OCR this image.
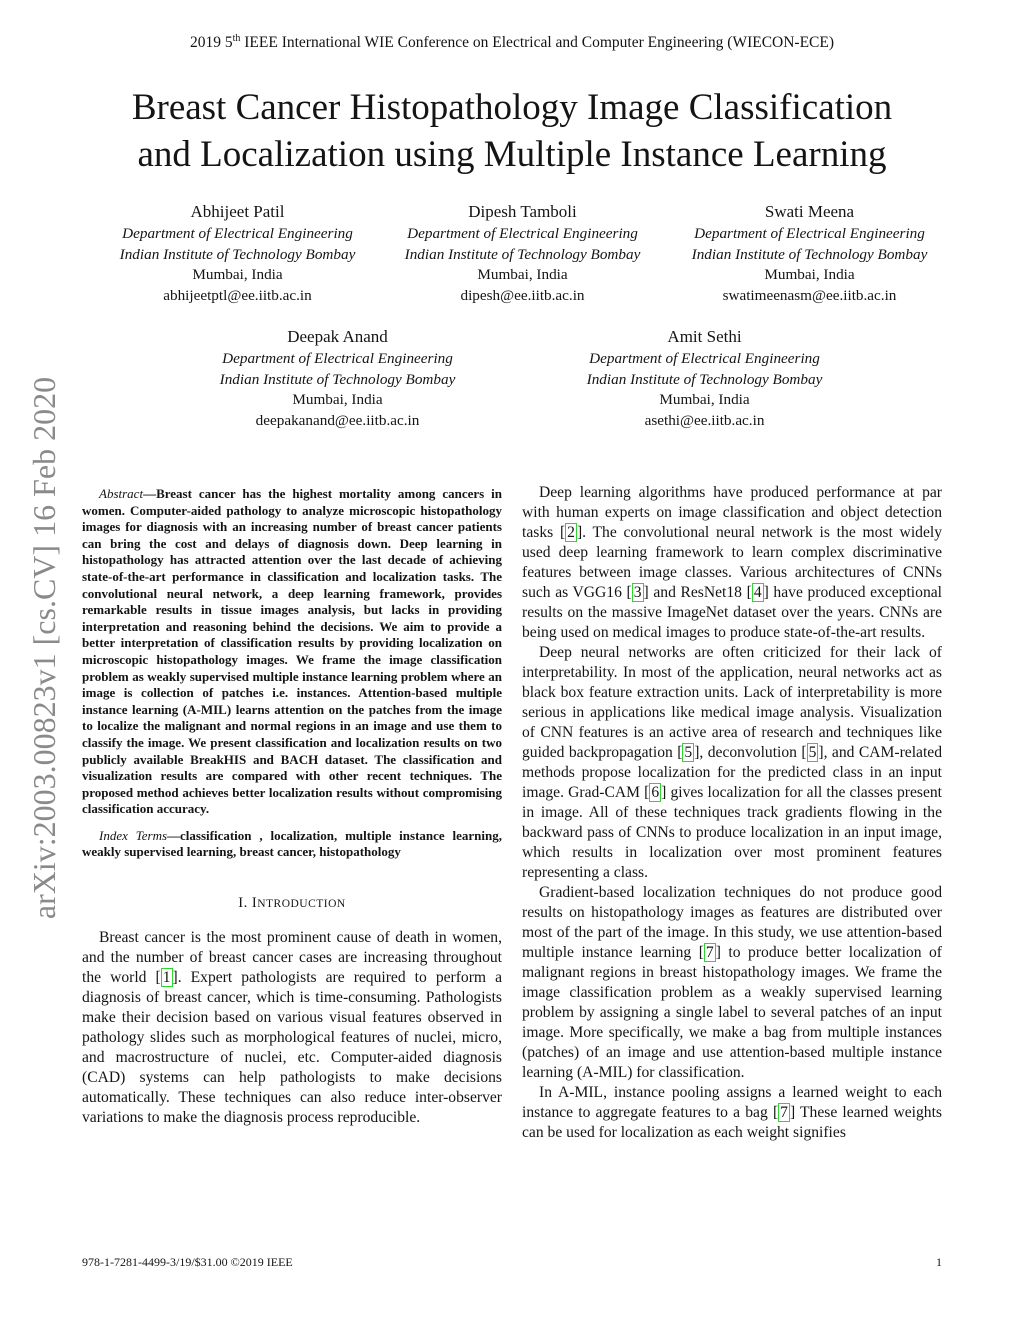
2019 5th IEEE International WIE Conference on Electrical and Computer Engineering (WIECON-ECE)
Breast Cancer Histopathology Image Classification
and Localization using Multiple Instance Learning
Abhijeet Patil
Department of Electrical Engineering
Indian Institute of Technology Bombay
Mumbai, India
abhijeetptl@ee.iitb.ac.in
Dipesh Tamboli
Department of Electrical Engineering
Indian Institute of Technology Bombay
Mumbai, India
dipesh@ee.iitb.ac.in
Swati Meena
Department of Electrical Engineering
Indian Institute of Technology Bombay
Mumbai, India
swatimeenasm@ee.iitb.ac.in
Deepak Anand
Department of Electrical Engineering
Indian Institute of Technology Bombay
Mumbai, India
deepakanand@ee.iitb.ac.in
Amit Sethi
Department of Electrical Engineering
Indian Institute of Technology Bombay
Mumbai, India
asethi@ee.iitb.ac.in
arXiv:2003.00823v1 [cs.CV] 16 Feb 2020	Abstract—Breast cancer has the highest mortality among cancers in women. Computer-aided pathology to analyze microscopic histopathology images for diagnosis with an increasing number of breast cancer patients can bring the cost and delays of diagnosis down. Deep learning in histopathology has attracted attention over the last decade of achieving state-of-the-art performance in classification and localization tasks. The convolutional neural network, a deep learning framework, provides remarkable results in tissue images analysis, but lacks in providing interpretation and reasoning behind the decisions. We aim to provide a better interpretation of classification results by providing localization on microscopic histopathology images. We frame the image classification problem as weakly supervised multiple instance learning problem where an image is collection of patches i.e. instances. Attention-based multiple instance learning (A-MIL) learns attention on the patches from the image to localize the malignant and normal regions in an image and use them to classify the image. We present classification and localization results on two publicly available BreakHIS and BACH dataset. The classification and visualization results are compared with other recent techniques. The proposed method achieves better localization results without compromising classification accuracy.

Index Terms—classification , localization, multiple instance learning, weakly supervised learning, breast cancer, histopathology

I. INTRODUCTION

Breast cancer is the most prominent cause of death in women, and the number of breast cancer cases are increasing throughout the world [ 1 ]. Expert pathologists are required to perform a diagnosis of breast cancer, which is time-consuming. Pathologists make their decision based on various visual features observed in pathology slides such as morphological features of nuclei, micro, and macrostructure of nuclei, etc. Computer-aided diagnosis (CAD) systems can help pathologists to make decisions automatically. These techniques can also reduce inter-observer variations to make the diagnosis process reproducible.

Deep learning algorithms have produced performance at par with human experts on image classification and object detection tasks [ 2 ]. The convolutional neural network is the most widely used deep learning framework to learn complex discriminative features between image classes. Various architectures of CNNs such as VGG16 [ 3 ] and ResNet18 [ 4 ] have produced exceptional results on the massive ImageNet dataset over the years. CNNs are being used on medical images to produce state-of-the-art results.

Deep neural networks are often criticized for their lack of interpretability. In most of the application, neural networks act as black box feature extraction units. Lack of interpretability is more serious in applications like medical image analysis. Visualization of CNN features is an active area of research and techniques like guided backpropagation [ 5 ], deconvolution [ 5 ], and CAM-related methods propose localization for the predicted class in an input image. Grad-CAM [ 6 ] gives localization for all the classes present in image. All of these techniques track gradients flowing in the backward pass of CNNs to produce localization in an input image, which results in localization over most prominent features representing a class.

Gradient-based localization techniques do not produce good results on histopathology images as features are distributed over most of the part of the image. In this study, we use attention-based multiple instance learning [ 7 ] to produce better localization of malignant regions in breast histopathology images. We frame the image classification problem as a weakly supervised learning problem by assigning a single label to several patches of an input image. More specifically, we make a bag from multiple instances (patches) of an image and use attention-based multiple instance learning (A-MIL) for classification.

In A-MIL, instance pooling assigns a learned weight to each instance to aggregate features to a bag [ 7 ] These learned weights can be used for localization as each weight signifies

978-1-7281-4499-3/19/$31.00 ©2019 IEEE	1
